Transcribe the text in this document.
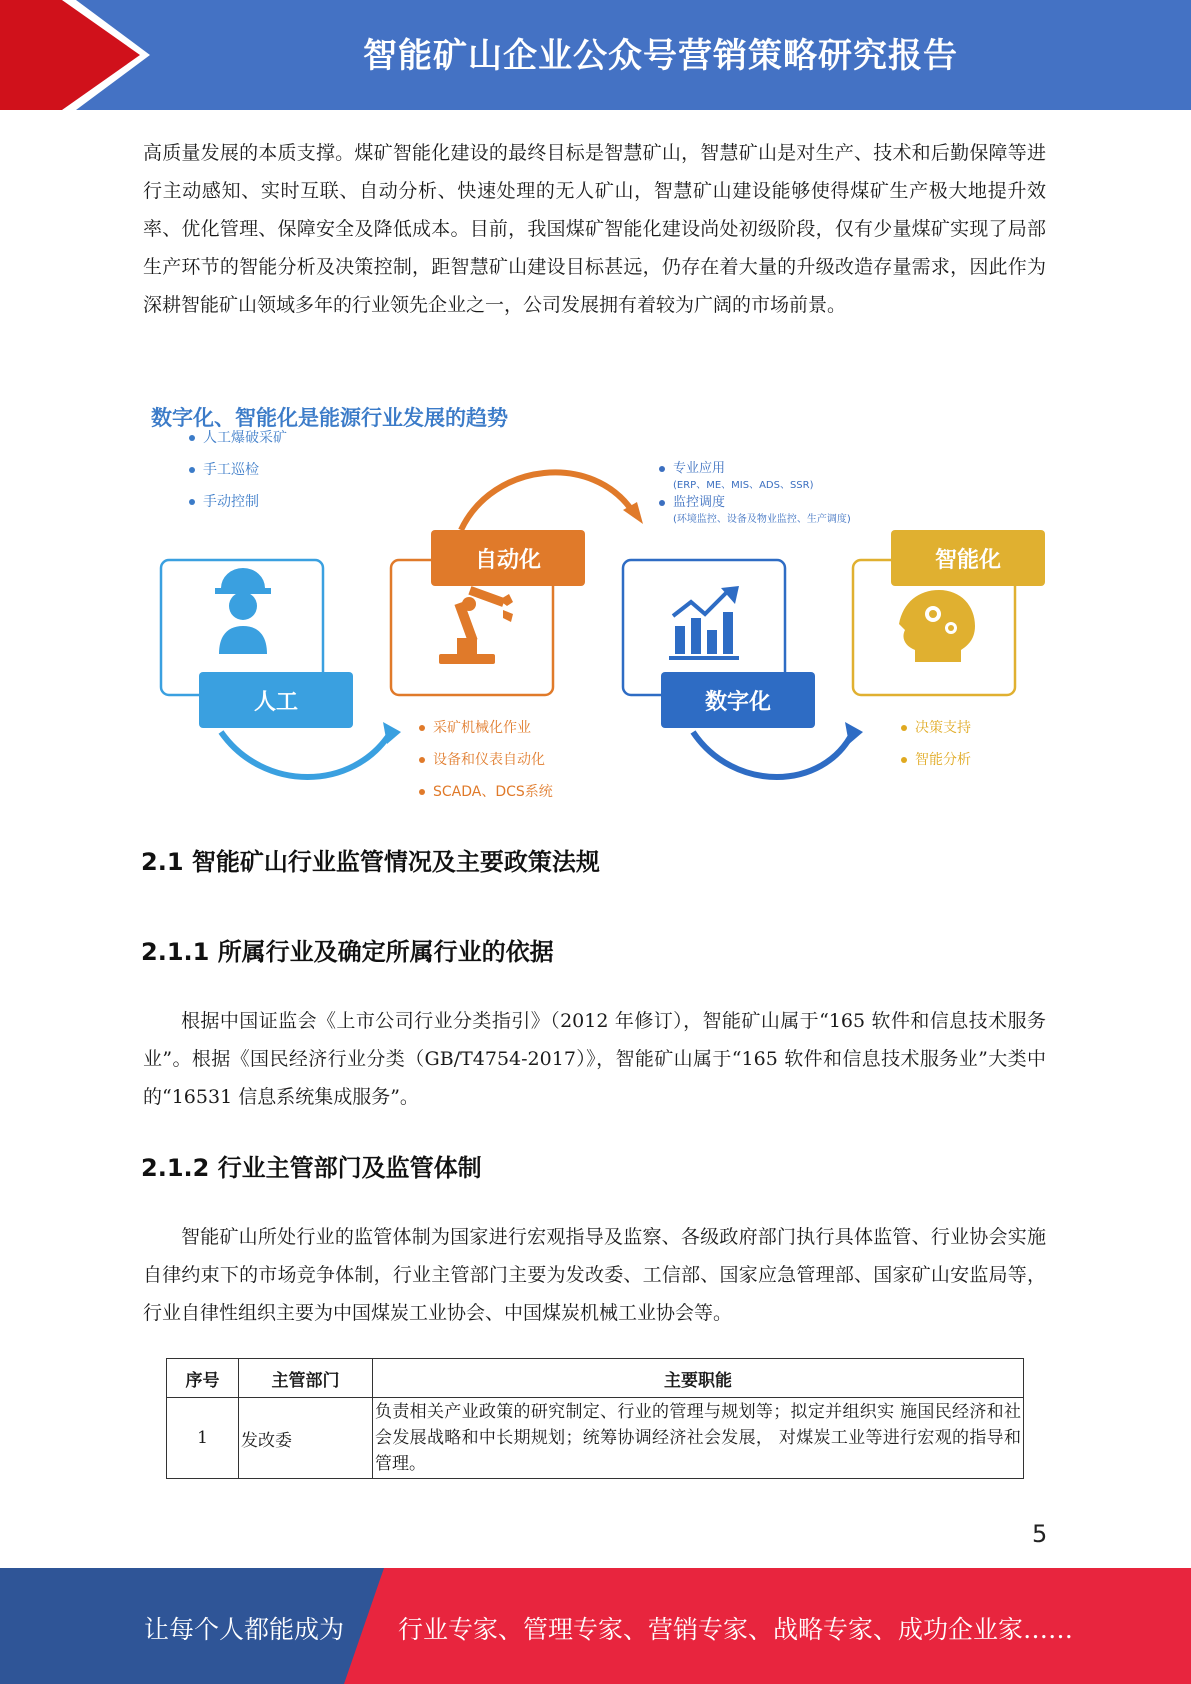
智能矿山企业公众号营销策略研究报告

高质量发展的本质支撑。煤矿智能化建设的最终目标是智慧矿山，智慧矿山是对生产、技术和后勤保障等进行主动感知、实时互联、自动分析、快速处理的无人矿山，智慧矿山建设能够使得煤矿生产极大地提升效率、优化管理、保障安全及降低成本。目前，我国煤矿智能化建设尚处初级阶段，仅有少量煤矿实现了局部生产环节的智能分析及决策控制，距智慧矿山建设目标甚远，仍存在着大量的升级改造存量需求，因此作为深耕智能矿山领域多年的行业领先企业之一，公司发展拥有着较为广阔的市场前景。

数字化、智能化是能源行业发展的趋势
人工爆破采矿
手工巡检
手动控制
专业应用
(ERP、ME、MIS、ADS、SSR)
监控调度
(环境监控、设备及物业监控、生产调度)
人工
自动化
数字化
智能化
采矿机械化作业
设备和仪表自动化
SCADA、DCS系统
决策支持
智能分析
2.1 智能矿山行业监管情况及主要政策法规
2.1.1 所属行业及确定所属行业的依据

根据中国证监会《上市公司行业分类指引》（2012 年修订），智能矿山属于“165 软件和信息技术服务业”。根据《国民经济行业分类（GB/T4754-2017）》，智能矿山属于“165 软件和信息技术服务业”大类中的“16531 信息系统集成服务”。

2.1.2 行业主管部门及监管体制

智能矿山所处行业的监管体制为国家进行宏观指导及监察、各级政府部门执行具体监管、行业协会实施自律约束下的市场竞争体制，行业主管部门主要为发改委、工信部、国家应急管理部、国家矿山安监局等，行业自律性组织主要为中国煤炭工业协会、中国煤炭机械工业协会等。

序号	主管部门	主要职能
1	发改委	负责相关产业政策的研究制定、行业的管理与规划等；拟定并组织实 施国民经济和社会发展战略和中长期规划；统筹协调经济社会发展， 对煤炭工业等进行宏观的指导和管理。
5
让每个人都能成为 行业专家、管理专家、营销专家、战略专家、成功企业家……
